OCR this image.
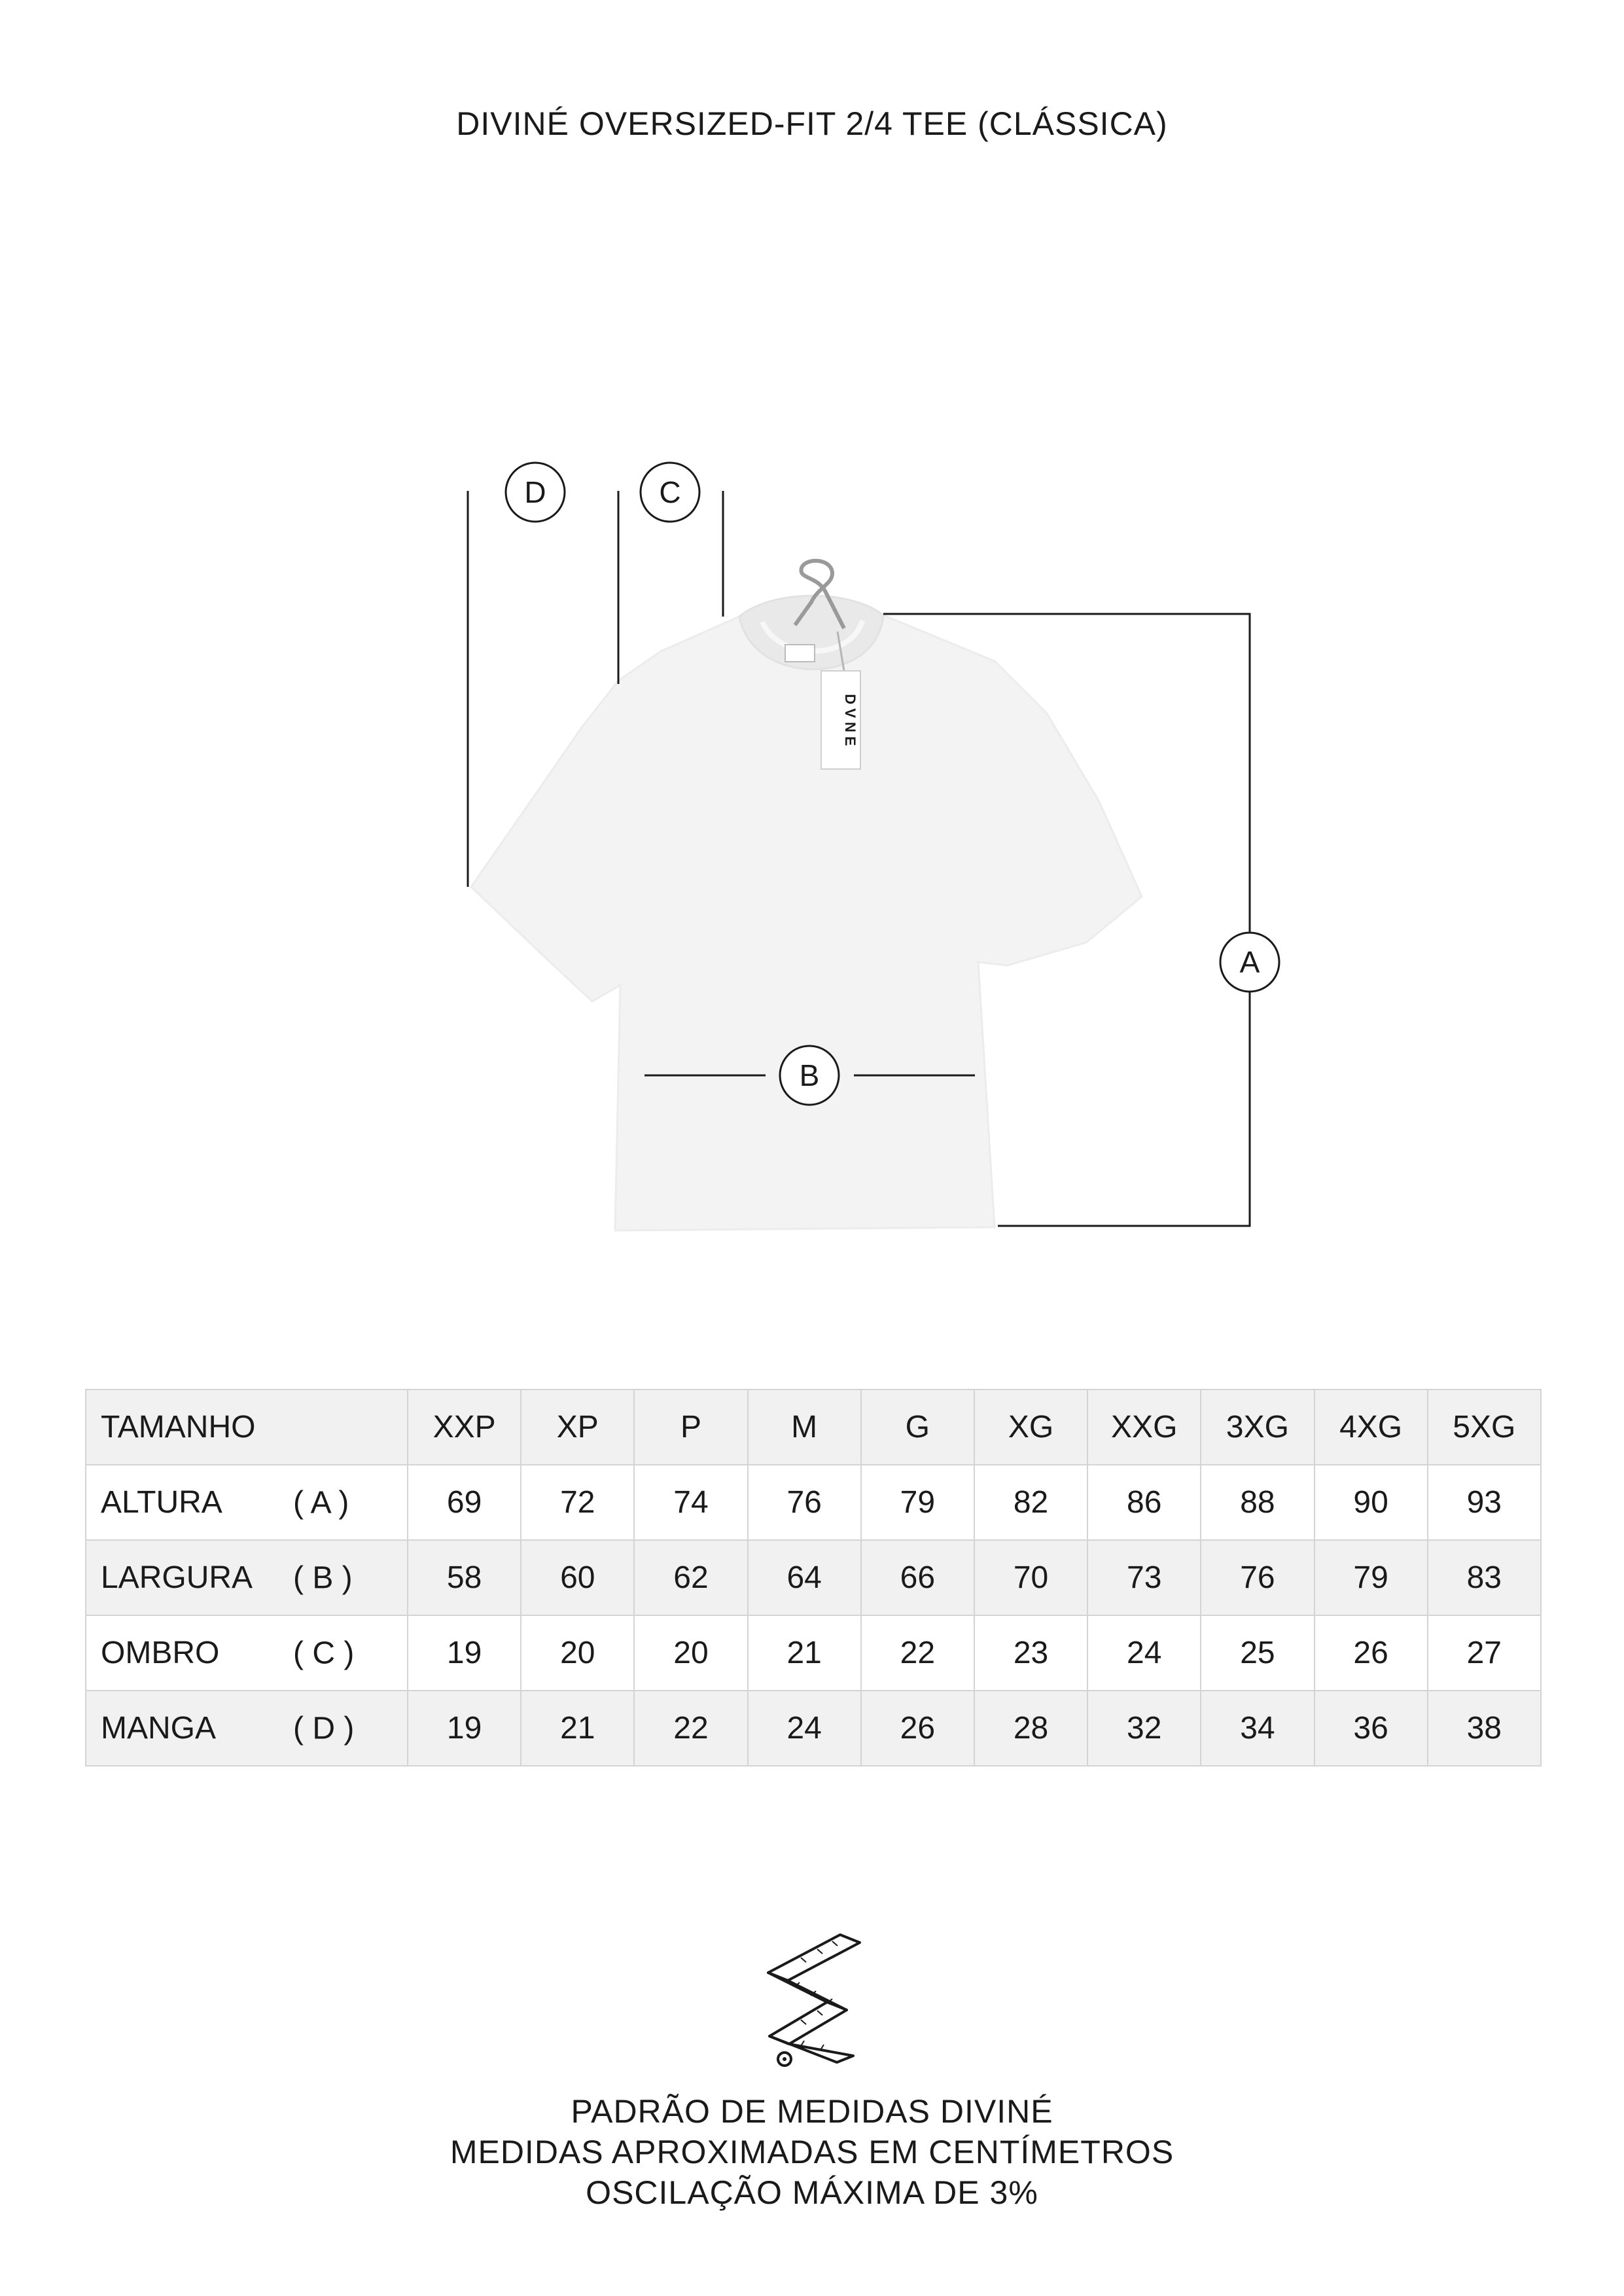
DIVINÉ OVERSIZED-FIT 2/4 TEE (CLÁSSICA)
D V N E
D	C
A
B
TAMANHO	XXP	XP	P	M	G	XG	XXG	3XG	4XG	5XG
ALTURA ( A )	69	72	74	76	79	82	86	88	90	93
LARGURA ( B )	58	60	62	64	66	70	73	76	79	83
OMBRO ( C )	19	20	20	21	22	23	24	25	26	27
MANGA ( D )	19	21	22	24	26	28	32	34	36	38
PADRÃO DE MEDIDAS DIVINÉ
MEDIDAS APROXIMADAS EM CENTÍMETROS
OSCILAÇÃO MÁXIMA DE 3%
